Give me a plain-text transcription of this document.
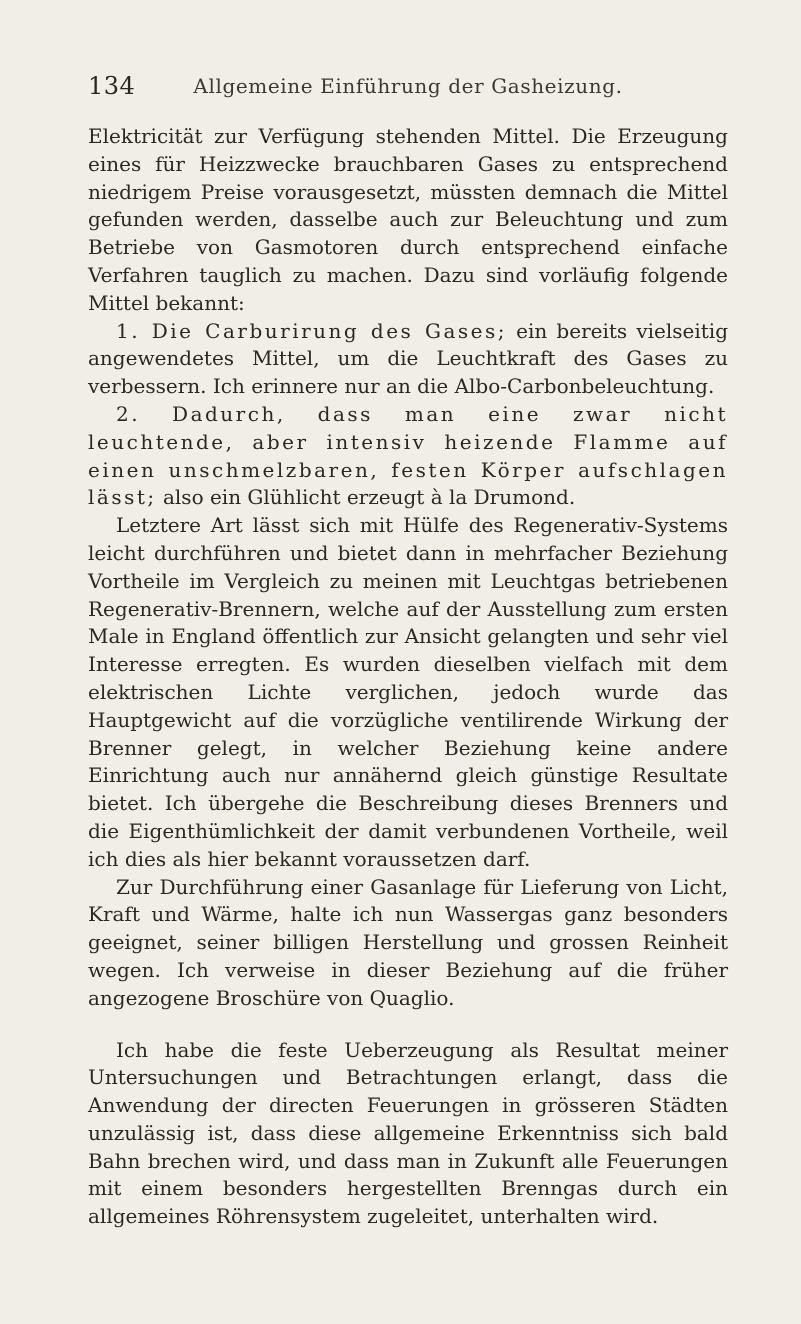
134	Allgemeine Einführung der Gasheizung.

Elektricität zur Verfügung stehenden Mittel. Die Erzeugung eines für Heizzwecke brauchbaren Gases zu entsprechend niedrigem Preise vorausgesetzt, müssten demnach die Mittel gefunden werden, dasselbe auch zur Beleuchtung und zum Betriebe von Gasmotoren durch entsprechend einfache Verfahren tauglich zu machen. Dazu sind vorläufig folgende Mittel bekannt:

1. Die Carburirung des Gases; ein bereits vielseitig angewendetes Mittel, um die Leuchtkraft des Gases zu verbessern. Ich erinnere nur an die Albo-Carbonbeleuchtung.

2. Dadurch, dass man eine zwar nicht leuchtende, aber intensiv heizende Flamme auf einen unschmelzbaren, festen Körper aufschlagen lässt; also ein Glühlicht erzeugt à la Drumond.

Letztere Art lässt sich mit Hülfe des Regenerativ-Systems leicht durchführen und bietet dann in mehrfacher Beziehung Vortheile im Vergleich zu meinen mit Leuchtgas betriebenen Regenerativ-Brennern, welche auf der Ausstellung zum ersten Male in England öffentlich zur Ansicht gelangten und sehr viel Interesse erregten. Es wurden dieselben vielfach mit dem elektrischen Lichte verglichen, jedoch wurde das Hauptgewicht auf die vorzügliche ventilirende Wirkung der Brenner gelegt, in welcher Beziehung keine andere Einrichtung auch nur annähernd gleich günstige Resultate bietet. Ich übergehe die Beschreibung dieses Brenners und die Eigenthümlichkeit der damit verbundenen Vortheile, weil ich dies als hier bekannt voraussetzen darf.

Zur Durchführung einer Gasanlage für Lieferung von Licht, Kraft und Wärme, halte ich nun Wassergas ganz besonders geeignet, seiner billigen Herstellung und grossen Reinheit wegen. Ich verweise in dieser Beziehung auf die früher angezogene Broschüre von Quaglio.

Ich habe die feste Ueberzeugung als Resultat meiner Untersuchungen und Betrachtungen erlangt, dass die Anwendung der directen Feuerungen in grösseren Städten unzulässig ist, dass diese allgemeine Erkenntniss sich bald Bahn brechen wird, und dass man in Zukunft alle Feuerungen mit einem besonders hergestellten Brenngas durch ein allgemeines Röhrensystem zugeleitet, unterhalten wird.
